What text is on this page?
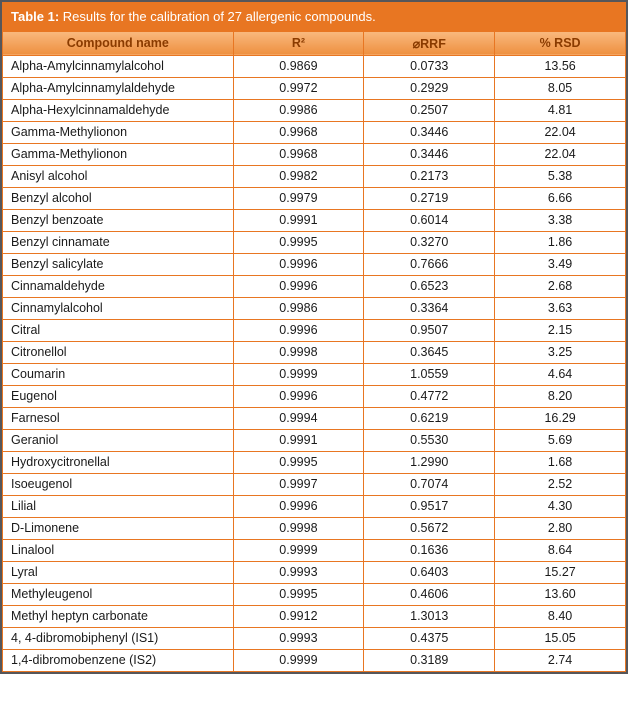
Table 1: Results for the calibration of 27 allergenic compounds.
Compound name	R²	⌀RRF	% RSD
Alpha-Amylcinnamylalcohol	0.9869	0.0733	13.56
Alpha-Amylcinnamylaldehyde	0.9972	0.2929	8.05
Alpha-Hexylcinnamaldehyde	0.9986	0.2507	4.81
Gamma-Methylionon	0.9968	0.3446	22.04
Gamma-Methylionon	0.9968	0.3446	22.04
Anisyl alcohol	0.9982	0.2173	5.38
Benzyl alcohol	0.9979	0.2719	6.66
Benzyl benzoate	0.9991	0.6014	3.38
Benzyl cinnamate	0.9995	0.3270	1.86
Benzyl salicylate	0.9996	0.7666	3.49
Cinnamaldehyde	0.9996	0.6523	2.68
Cinnamylalcohol	0.9986	0.3364	3.63
Citral	0.9996	0.9507	2.15
Citronellol	0.9998	0.3645	3.25
Coumarin	0.9999	1.0559	4.64
Eugenol	0.9996	0.4772	8.20
Farnesol	0.9994	0.6219	16.29
Geraniol	0.9991	0.5530	5.69
Hydroxycitronellal	0.9995	1.2990	1.68
Isoeugenol	0.9997	0.7074	2.52
Lilial	0.9996	0.9517	4.30
D-Limonene	0.9998	0.5672	2.80
Linalool	0.9999	0.1636	8.64
Lyral	0.9993	0.6403	15.27
Methyleugenol	0.9995	0.4606	13.60
Methyl heptyn carbonate	0.9912	1.3013	8.40
4, 4-dibromobiphenyl (IS1)	0.9993	0.4375	15.05
1,4-dibromobenzene (IS2)	0.9999	0.3189	2.74
